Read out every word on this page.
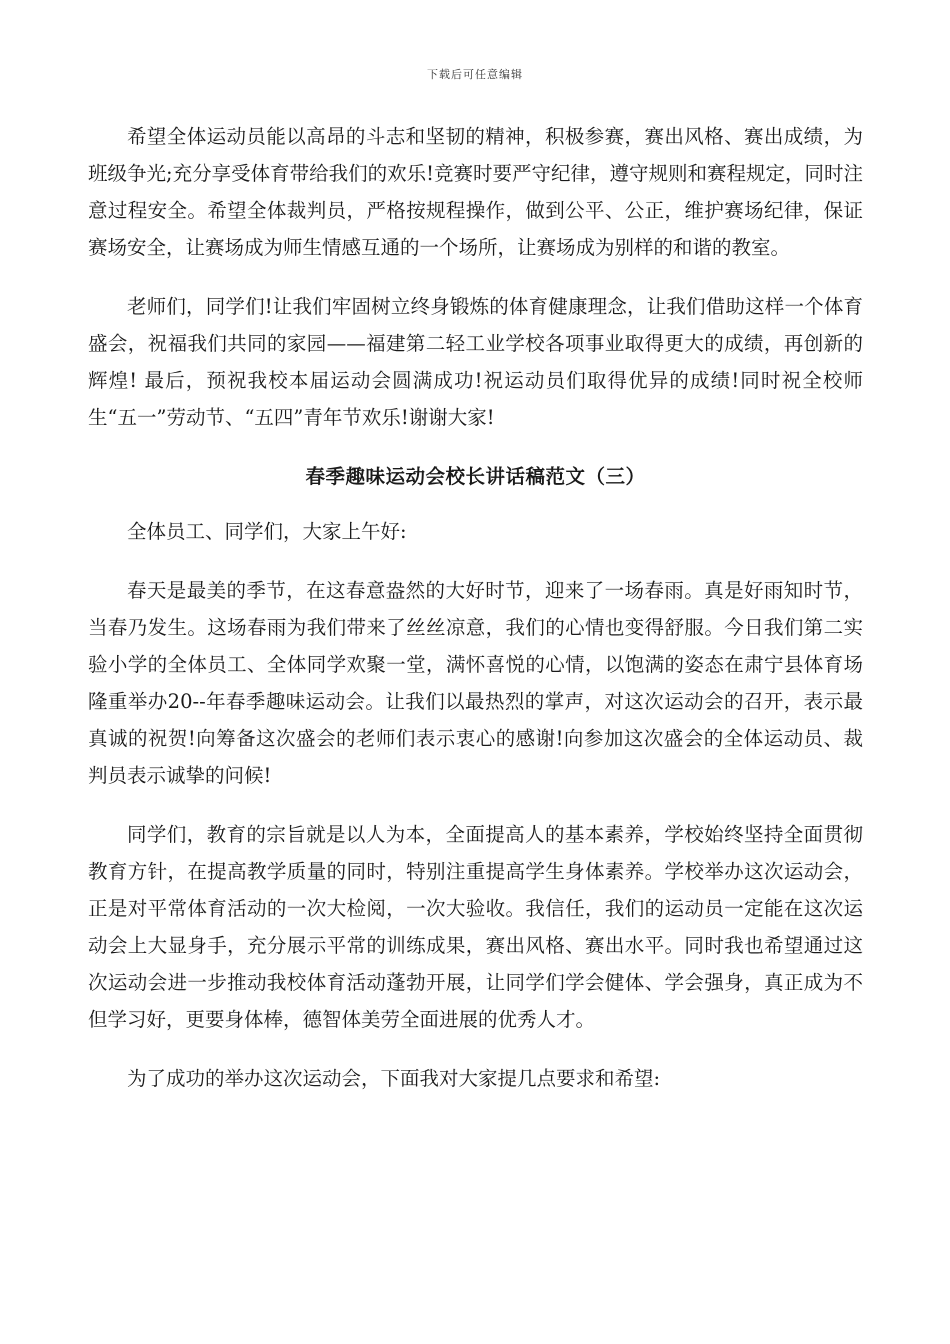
下载后可任意编辑

希望全体运动员能以高昂的斗志和坚韧的精神，积极参赛，赛出风格、赛出成绩，为班级争光;充分享受体育带给我们的欢乐!竞赛时要严守纪律，遵守规则和赛程规定，同时注意过程安全。希望全体裁判员，严格按规程操作，做到公平、公正，维护赛场纪律，保证赛场安全，让赛场成为师生情感互通的一个场所，让赛场成为别样的和谐的教室。

老师们，同学们!让我们牢固树立终身锻炼的体育健康理念，让我们借助这样一个体育盛会，祝福我们共同的家园——福建第二轻工业学校各项事业取得更大的成绩，再创新的辉煌! 最后，预祝我校本届运动会圆满成功!祝运动员们取得优异的成绩!同时祝全校师生“五一”劳动节、“五四”青年节欢乐!谢谢大家!

春季趣味运动会校长讲话稿范文（三）

全体员工、同学们，大家上午好:

春天是最美的季节，在这春意盎然的大好时节，迎来了一场春雨。真是好雨知时节，当春乃发生。这场春雨为我们带来了丝丝凉意，我们的心情也变得舒服。今日我们第二实验小学的全体员工、全体同学欢聚一堂，满怀喜悦的心情，以饱满的姿态在肃宁县体育场隆重举办20--年春季趣味运动会。让我们以最热烈的掌声，对这次运动会的召开，表示最真诚的祝贺!向筹备这次盛会的老师们表示衷心的感谢!向参加这次盛会的全体运动员、裁判员表示诚挚的问候!

同学们，教育的宗旨就是以人为本，全面提高人的基本素养，学校始终坚持全面贯彻教育方针，在提高教学质量的同时，特别注重提高学生身体素养。学校举办这次运动会，正是对平常体育活动的一次大检阅，一次大验收。我信任，我们的运动员一定能在这次运动会上大显身手，充分展示平常的训练成果，赛出风格、赛出水平。同时我也希望通过这次运动会进一步推动我校体育活动蓬勃开展，让同学们学会健体、学会强身，真正成为不但学习好，更要身体棒，德智体美劳全面进展的优秀人才。

为了成功的举办这次运动会，下面我对大家提几点要求和希望:
